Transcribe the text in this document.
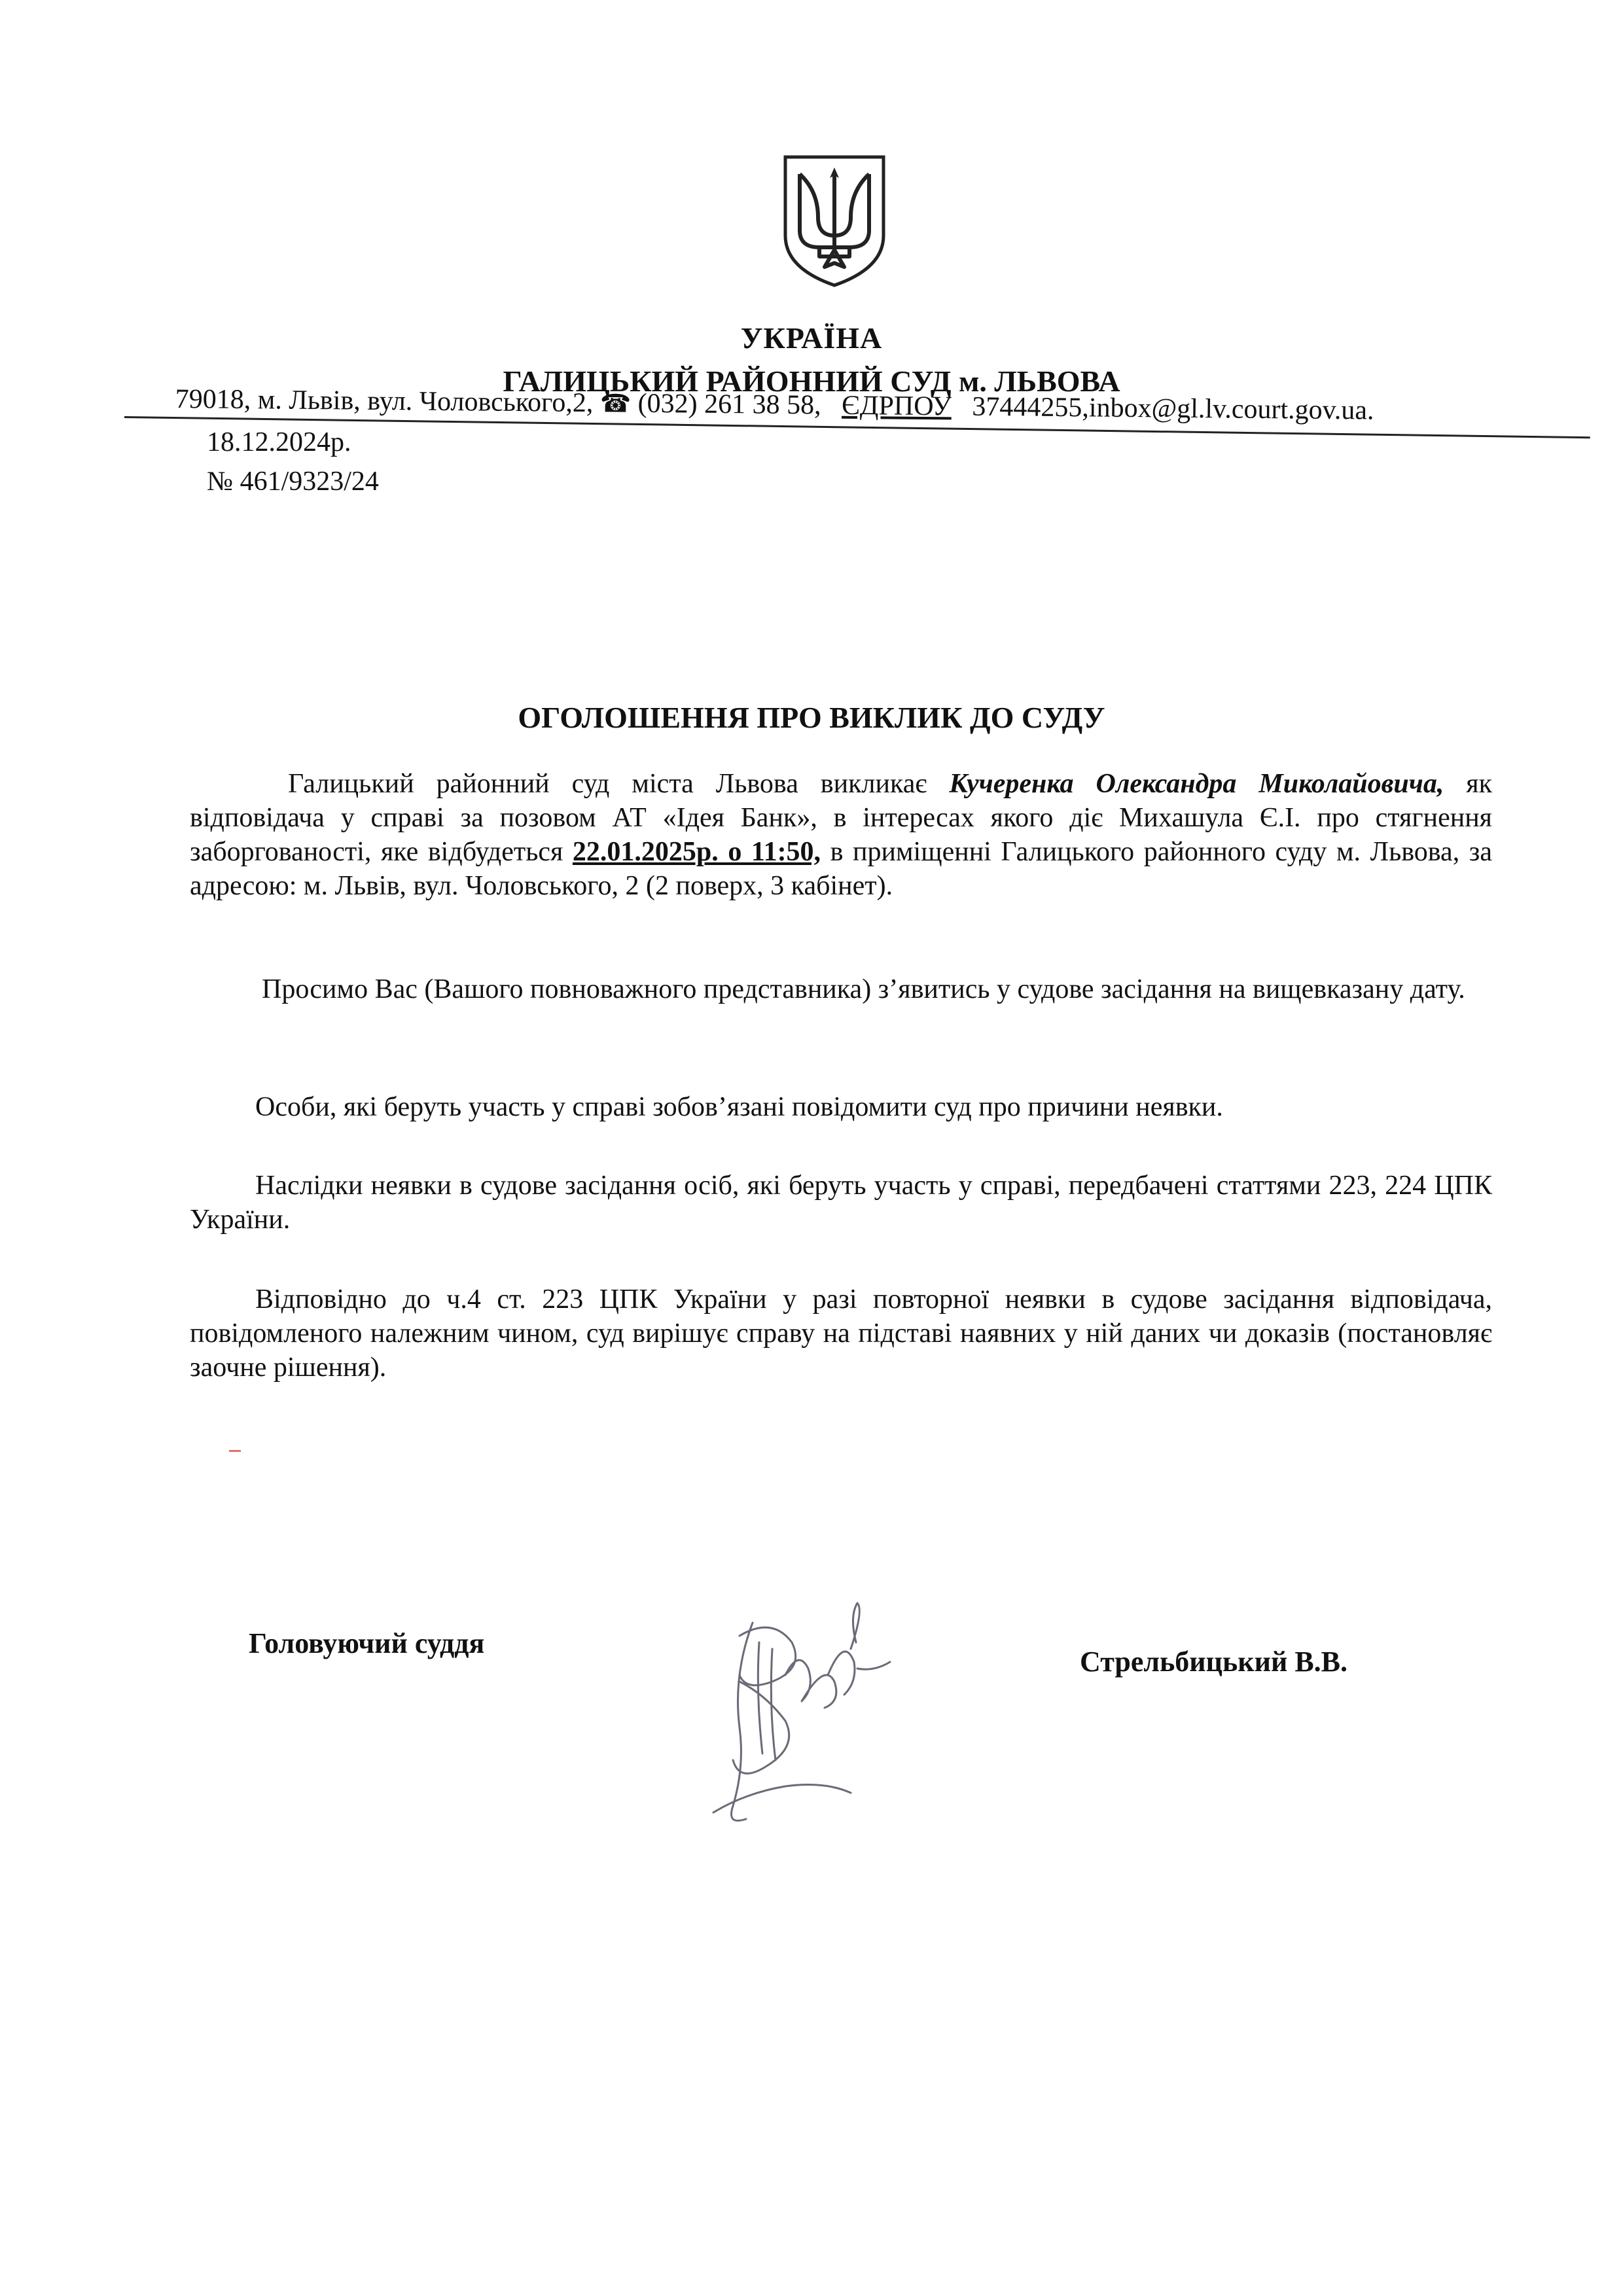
УКРАЇНА
ГАЛИЦЬКИЙ РАЙОННИЙ СУД м. ЛЬВОВА
79018, м. Львів, вул. Чоловського,2, ☎ (032) 261 38 58,   ЄДРПОУ 37444255,inbox@gl.lv.court.gov.ua.
18.12.2024р.
№ 461/9323/24
ОГОЛОШЕННЯ ПРО ВИКЛИК ДО СУДУ
Галицький районний суд міста Львова викликає Кучеренка Олександра Миколайовича, як відповідача у справі за позовом АТ «Ідея Банк», в інтересах якого діє Михашула Є.І. про стягнення заборгованості, яке відбудеться 22.01.2025р. о 11:50, в приміщенні Галицького районного суду м. Львова, за адресою: м. Львів, вул. Чоловського, 2 (2 поверх, 3 кабінет).
Просимо Вас (Вашого повноважного представника) з’явитись у судове засідання на вищевказану дату.
Особи, які беруть участь у справі зобов’язані повідомити суд про причини неявки.
Наслідки неявки в судове засідання осіб, які беруть участь у справі, передбачені статтями 223, 224 ЦПК України.
Відповідно до ч.4 ст. 223 ЦПК України у разі повторної неявки в судове засідання відповідача, повідомленого належним чином, суд вирішує справу на підставі наявних у ній даних чи доказів (постановляє заочне рішення).
Головуючий суддя
Стрельбицький В.В.
